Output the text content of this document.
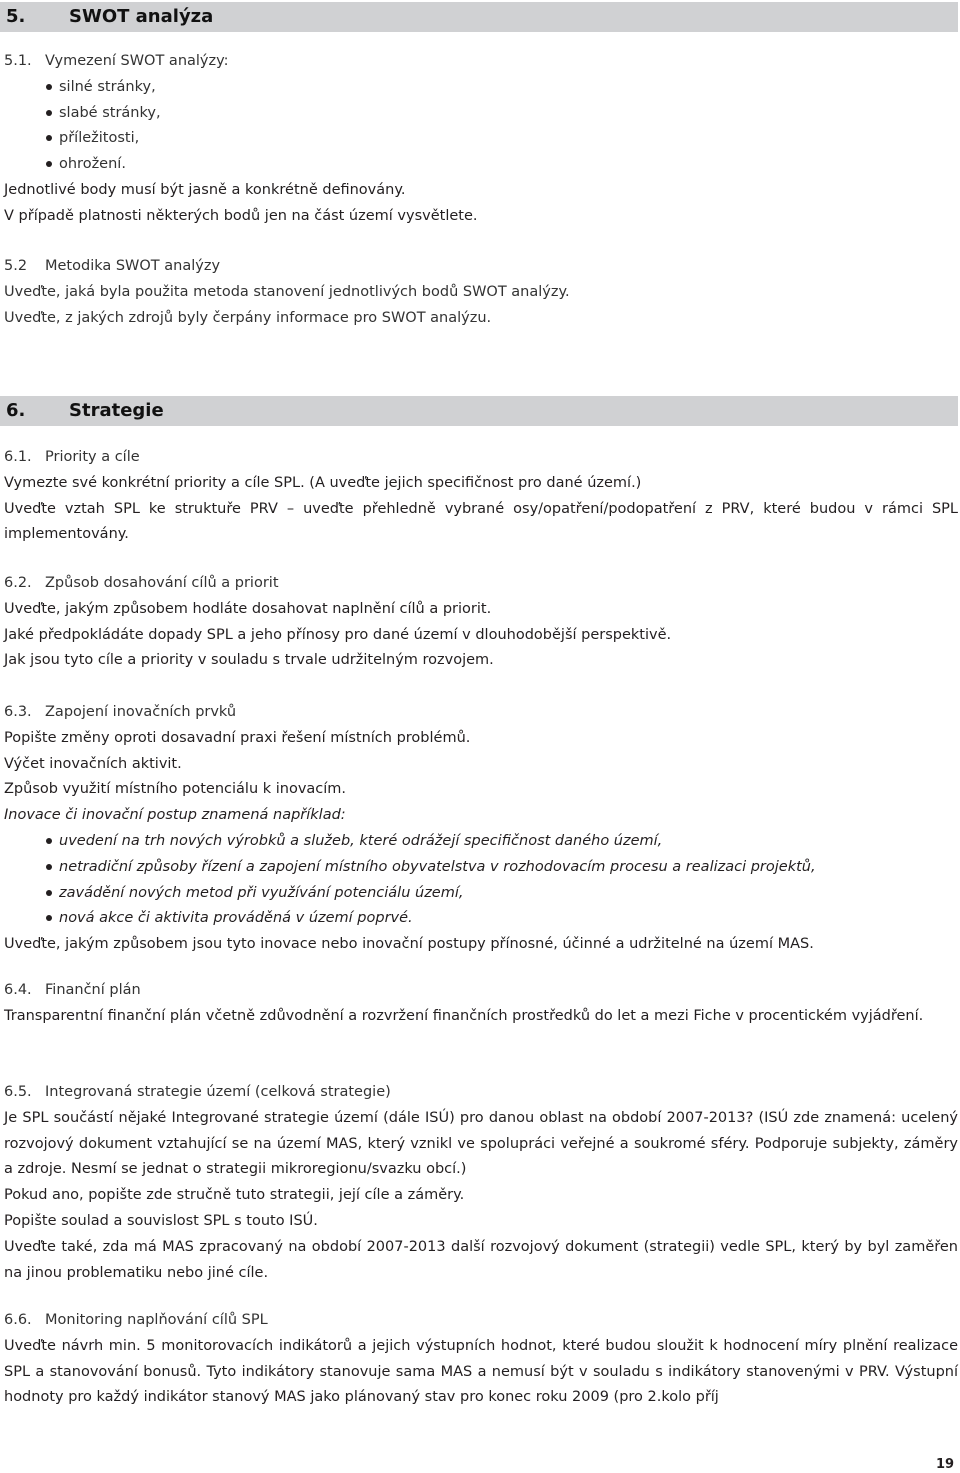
5. SWOT analýza

5.1. Vymezení SWOT analýzy:

silné stránky,
slabé stránky,
příležitosti,
ohrožení.

Jednotlivé body musí být jasně a konkrétně definovány.

V případě platnosti některých bodů jen na část území vysvětlete.

5.2 Metodika SWOT analýzy

Uveďte, jaká byla použita metoda stanovení jednotlivých bodů SWOT analýzy.

Uveďte, z jakých zdrojů byly čerpány informace pro SWOT analýzu.

6. Strategie

6.1. Priority a cíle

Vymezte své konkrétní priority a cíle SPL. (A uveďte jejich specifičnost pro dané území.)

Uveďte vztah SPL ke struktuře PRV – uveďte přehledně vybrané osy/opatření/podopatření z PRV, které budou v rámci SPL implementovány.

6.2. Způsob dosahování cílů a priorit

Uveďte, jakým způsobem hodláte dosahovat naplnění cílů a priorit.

Jaké předpokládáte dopady SPL a jeho přínosy pro dané území v dlouhodobější perspektivě.

Jak jsou tyto cíle a priority v souladu s trvale udržitelným rozvojem.

6.3. Zapojení inovačních prvků

Popište změny oproti dosavadní praxi řešení místních problémů.

Výčet inovačních aktivit.

Způsob využití místního potenciálu k inovacím.

Inovace či inovační postup znamená například:

uvedení na trh nových výrobků a služeb, které odrážejí specifičnost daného území,
netradiční způsoby řízení a zapojení místního obyvatelstva v rozhodovacím procesu a realizaci projektů,
zavádění nových metod při využívání potenciálu území,
nová akce či aktivita prováděná v území poprvé.

Uveďte, jakým způsobem jsou tyto inovace nebo inovační postupy přínosné, účinné a udržitelné na území MAS.

6.4. Finanční plán

Transparentní finanční plán včetně zdůvodnění a rozvržení finančních prostředků do let a mezi Fiche v procentickém vyjádření.

6.5. Integrovaná strategie území (celková strategie)

Je SPL součástí nějaké Integrované strategie území (dále ISÚ) pro danou oblast na období 2007-2013? (ISÚ zde znamená: ucelený rozvojový dokument vztahující se na území MAS, který vznikl ve spolupráci veřejné a soukromé sféry. Podporuje subjekty, záměry a zdroje. Nesmí se jednat o strategii mikroregionu/svazku obcí.)

Pokud ano, popište zde stručně tuto strategii, její cíle a záměry.

Popište soulad a souvislost SPL s touto ISÚ.

Uveďte také, zda má MAS zpracovaný na období 2007-2013 další rozvojový dokument (strategii) vedle SPL, který by byl zaměřen na jinou problematiku nebo jiné cíle.

6.6. Monitoring naplňování cílů SPL

Uveďte návrh min. 5 monitorovacích indikátorů a jejich výstupních hodnot, které budou sloužit k hodnocení míry plnění realizace SPL a stanovování bonusů. Tyto indikátory stanovuje sama MAS a nemusí být v souladu s indikátory stanovenými v PRV. Výstupní hodnoty pro každý indikátor stanový MAS jako plánovaný stav pro konec roku 2009 (pro 2.kolo příj

19
